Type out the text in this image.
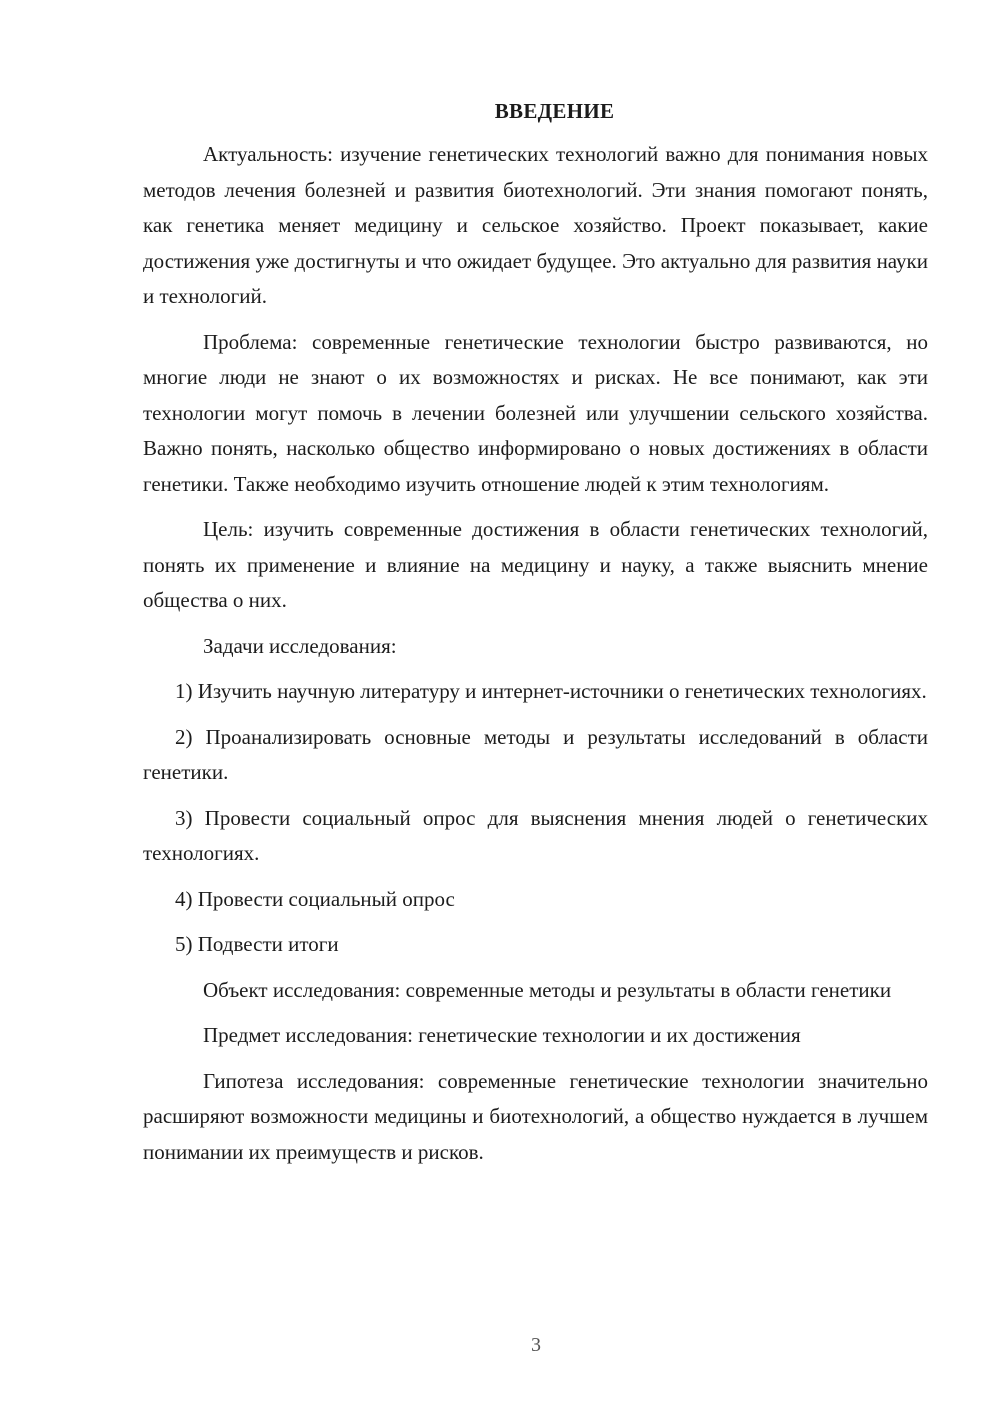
ВВЕДЕНИЕ

Актуальность: изучение генетических технологий важно для понимания новых методов лечения болезней и развития биотехнологий. Эти знания помогают понять, как генетика меняет медицину и сельское хозяйство. Проект показывает, какие достижения уже достигнуты и что ожидает будущее. Это актуально для развития науки и технологий.

Проблема: современные генетические технологии быстро развиваются, но многие люди не знают о их возможностях и рисках. Не все понимают, как эти технологии могут помочь в лечении болезней или улучшении сельского хозяйства. Важно понять, насколько общество информировано о новых достижениях в области генетики. Также необходимо изучить отношение людей к этим технологиям.

Цель: изучить современные достижения в области генетических технологий, понять их применение и влияние на медицину и науку, а также выяснить мнение общества о них.

Задачи исследования:

1) Изучить научную литературу и интернет-источники о генетических технологиях.

2) Проанализировать основные методы и результаты исследований в области генетики.

3) Провести социальный опрос для выяснения мнения людей о генетических технологиях.

4) Провести социальный опрос

5) Подвести итоги

Объект исследования: современные методы и результаты в области генетики

Предмет исследования: генетические технологии и их достижения

Гипотеза исследования: современные генетические технологии значительно расширяют возможности медицины и биотехнологий, а общество нуждается в лучшем понимании их преимуществ и рисков.

3
